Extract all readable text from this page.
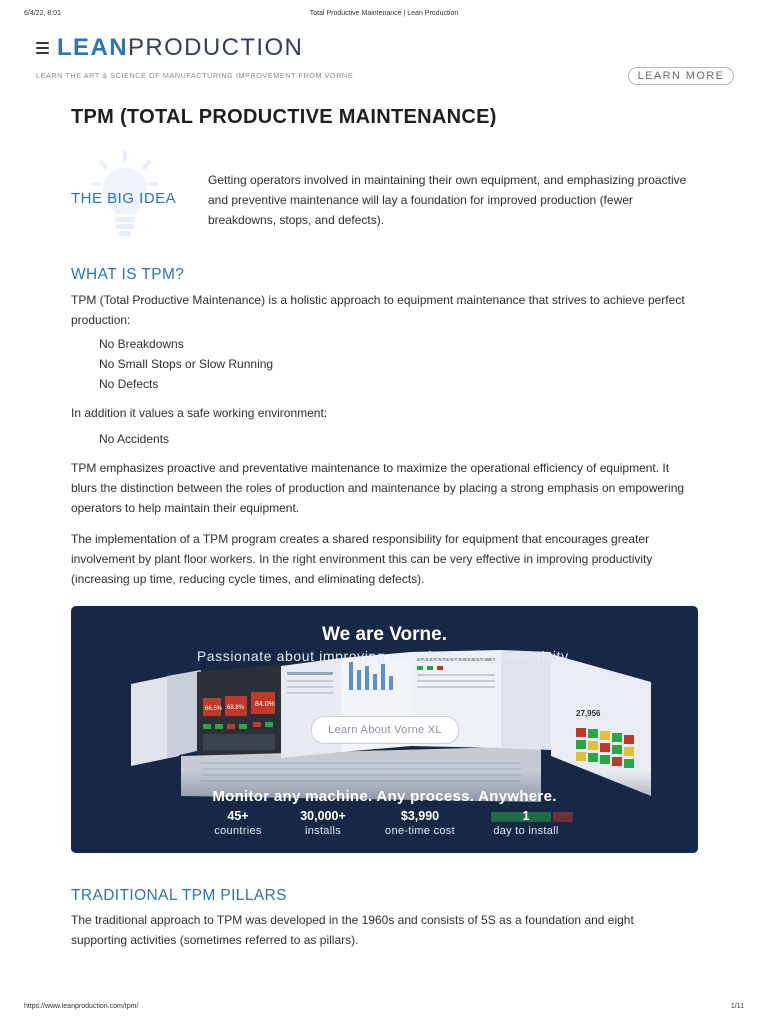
6/4/22, 8:01	Total Productive Maintenance | Lean Production
LEANPRODUCTION
LEARN THE ART & SCIENCE OF MANUFACTURING IMPROVEMENT FROM VORNE	LEARN MORE
TPM (TOTAL PRODUCTIVE MAINTENANCE)
THE BIG IDEA
Getting operators involved in maintaining their own equipment, and emphasizing proactive and preventive maintenance will lay a foundation for improved production (fewer breakdowns, stops, and defects).
WHAT IS TPM?

TPM (Total Productive Maintenance) is a holistic approach to equipment maintenance that strives to achieve perfect production:

No Breakdowns
No Small Stops or Slow Running
No Defects

In addition it values a safe working environment:

No Accidents

TPM emphasizes proactive and preventative maintenance to maximize the operational efficiency of equipment. It blurs the distinction between the roles of production and maintenance by placing a strong emphasis on empowering operators to help maintain their equipment.

The implementation of a TPM program creates a shared responsibility for equipment that encourages greater involvement by plant floor workers. In the right environment this can be very effective in improving productivity (increasing up time, reducing cycle times, and eliminating defects).

66.5% 68.8% 84.0%
27,956
We are Vorne.
Passionate about improving manufacturing productivity.
Learn About Vorne XL
Monitor any machine. Any process. Anywhere.
45+
countries
30,000+
installs
$3,990
one-time cost
1
day to install
TRADITIONAL TPM PILLARS

The traditional approach to TPM was developed in the 1960s and consists of 5S as a foundation and eight supporting activities (sometimes referred to as pillars).

https://www.leanproduction.com/tpm/	1/11
